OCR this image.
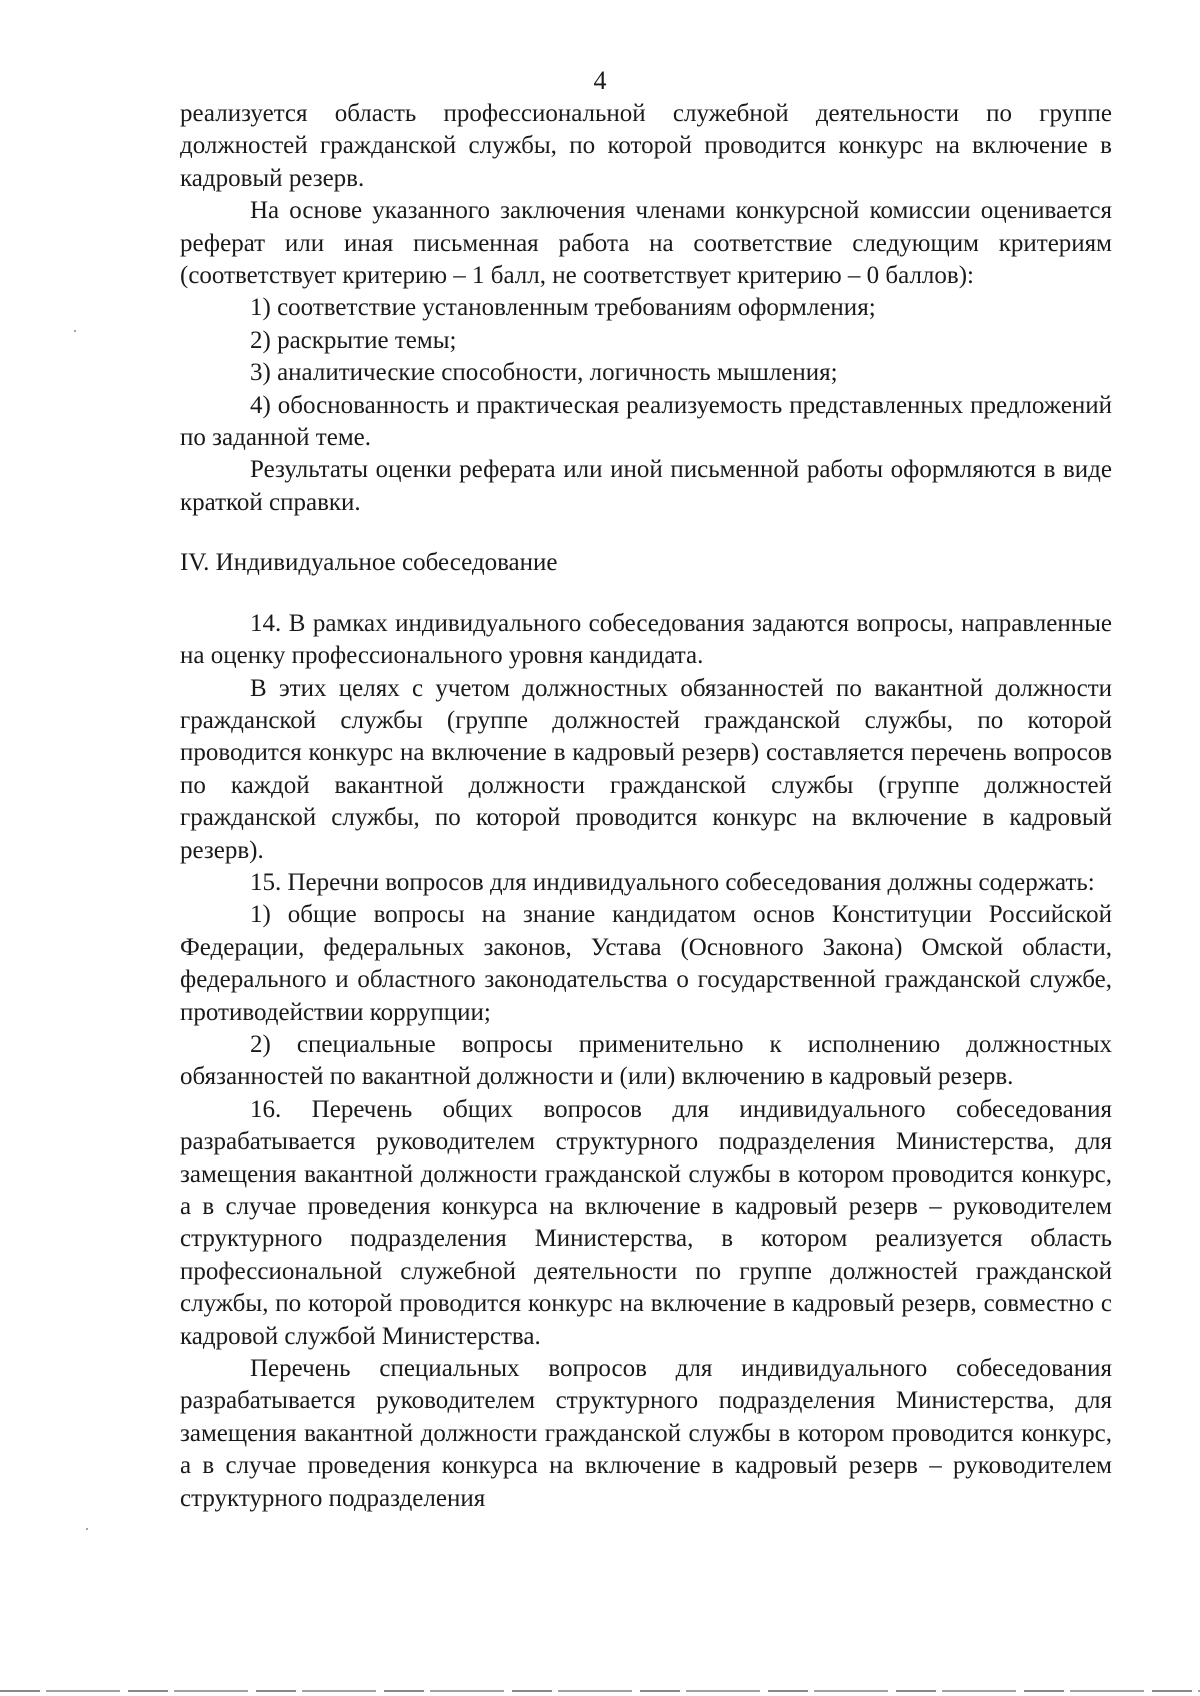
4

реализуется область профессиональной служебной деятельности по группе должностей гражданской службы, по которой проводится конкурс на включение в кадровый резерв.

На основе указанного заключения членами конкурсной комиссии оценивается реферат или иная письменная работа на соответствие следующим критериям (соответствует критерию – 1 балл, не соответствует критерию – 0 баллов):

1) соответствие установленным требованиям оформления;

2) раскрытие темы;

3) аналитические способности, логичность мышления;

4) обоснованность и практическая реализуемость представленных предложений по заданной теме.

Результаты оценки реферата или иной письменной работы оформляются в виде краткой справки.

IV. Индивидуальное собеседование

14. В рамках индивидуального собеседования задаются вопросы, направленные на оценку профессионального уровня кандидата.

В этих целях с учетом должностных обязанностей по вакантной должности гражданской службы (группе должностей гражданской службы, по которой проводится конкурс на включение в кадровый резерв) составляется перечень вопросов по каждой вакантной должности гражданской службы (группе должностей гражданской службы, по которой проводится конкурс на включение в кадровый резерв).

15. Перечни вопросов для индивидуального собеседования должны содержать:

1) общие вопросы на знание кандидатом основ Конституции Российской Федерации, федеральных законов, Устава (Основного Закона) Омской области, федерального и областного законодательства о государственной гражданской службе, противодействии коррупции;

2) специальные вопросы применительно к исполнению должностных обязанностей по вакантной должности и (или) включению в кадровый резерв.

16. Перечень общих вопросов для индивидуального собеседования разрабатывается руководителем структурного подразделения Министерства, для замещения вакантной должности гражданской службы в котором проводится конкурс, а в случае проведения конкурса на включение в кадровый резерв – руководителем структурного подразделения Министерства, в котором реализуется область профессиональной служебной деятельности по группе должностей гражданской службы, по которой проводится конкурс на включение в кадровый резерв, совместно с кадровой службой Министерства.

Перечень специальных вопросов для индивидуального собеседования разрабатывается руководителем структурного подразделения Министерства, для замещения вакантной должности гражданской службы в котором проводится конкурс, а в случае проведения конкурса на включение в кадровый резерв – руководителем структурного подразделения
